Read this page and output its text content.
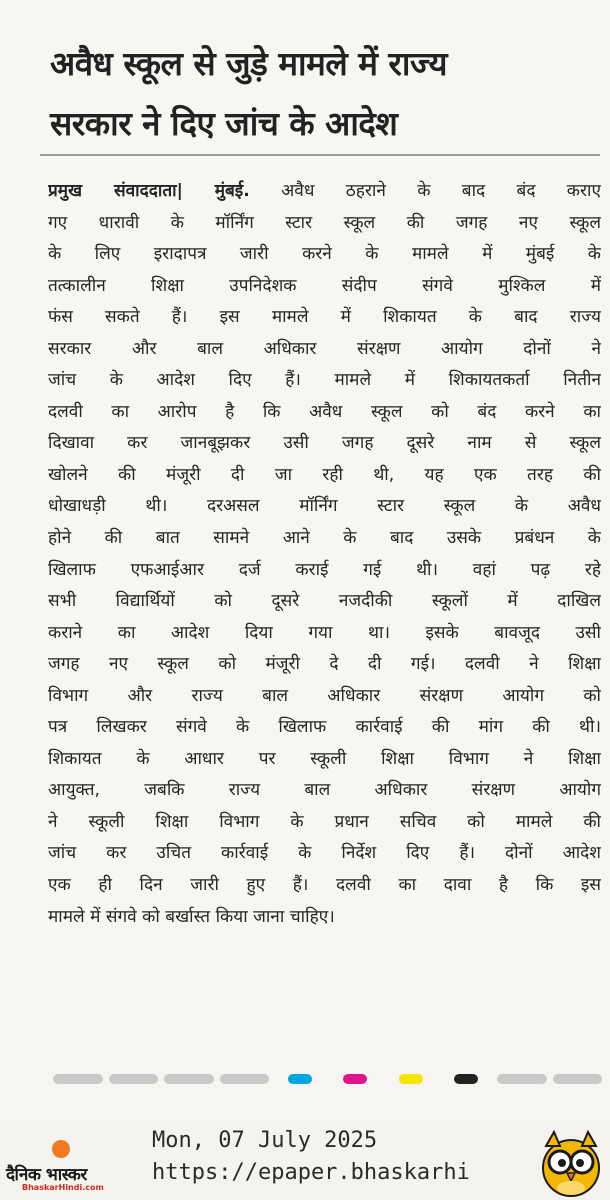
अवैध स्कूल से जुड़े मामले में राज्य
सरकार ने दिए जांच के आदेश
प्रमुख संवाददाता| मुंबई. अवैध ठहराने के बाद बंद कराए
गए धारावी के मॉर्निंग स्टार स्कूल की जगह नए स्कूल
के लिए इरादापत्र जारी करने के मामले में मुंबई के
तत्कालीन शिक्षा उपनिदेशक संदीप संगवे मुश्किल में
फंस सकते हैं। इस मामले में शिकायत के बाद राज्य
सरकार और बाल अधिकार संरक्षण आयोग दोनों ने
जांच के आदेश दिए हैं। मामले में शिकायतकर्ता नितीन
दलवी का आरोप है कि अवैध स्कूल को बंद करने का
दिखावा कर जानबूझकर उसी जगह दूसरे नाम से स्कूल
खोलने की मंजूरी दी जा रही थी, यह एक तरह की
धोखाधड़ी थी। दरअसल मॉर्निंग स्टार स्कूल के अवैध
होने की बात सामने आने के बाद उसके प्रबंधन के
खिलाफ एफआईआर दर्ज कराई गई थी। वहां पढ़ रहे
सभी विद्यार्थियों को दूसरे नजदीकी स्कूलों में दाखिल
कराने का आदेश दिया गया था। इसके बावजूद उसी
जगह नए स्कूल को मंजूरी दे दी गई। दलवी ने शिक्षा
विभाग और राज्य बाल अधिकार संरक्षण आयोग को
पत्र लिखकर संगवे के खिलाफ कार्रवाई की मांग की थी।
शिकायत के आधार पर स्कूली शिक्षा विभाग ने शिक्षा
आयुक्त, जबकि राज्य बाल अधिकार संरक्षण आयोग
ने स्कूली शिक्षा विभाग के प्रधान सचिव को मामले की
जांच कर उचित कार्रवाई के निर्देश दिए हैं। दोनों आदेश
एक ही दिन जारी हुए हैं। दलवी का दावा है कि इस
मामले में संगवे को बर्खास्त किया जाना चाहिए।
दैनिक भास्कर
BhaskarHindi.com
Mon, 07 July 2025
https://epaper.bhaskarhi
